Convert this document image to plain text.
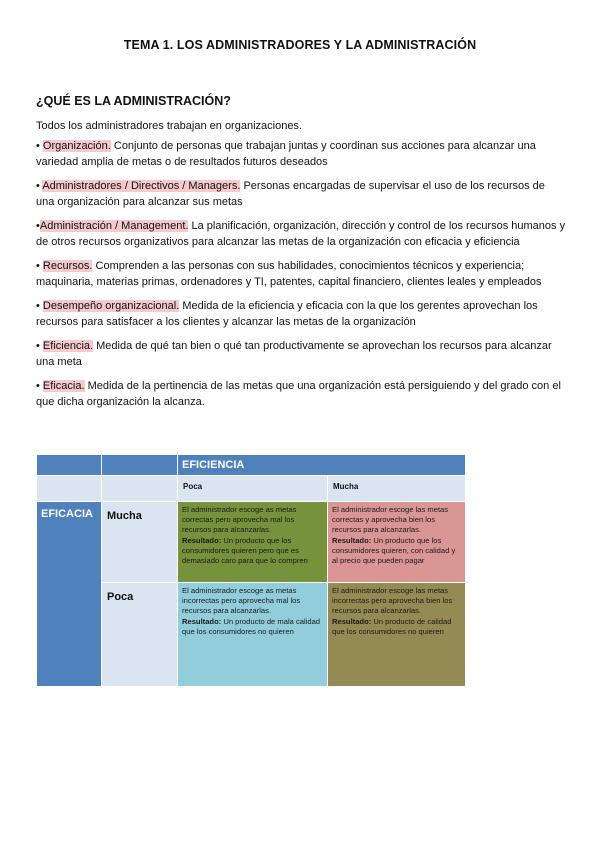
TEMA 1. LOS ADMINISTRADORES Y LA ADMINISTRACIÓN
¿QUÉ ES LA ADMINISTRACIÓN?
Todos los administradores trabajan en organizaciones.

• Organización. Conjunto de personas que trabajan juntas y coordinan sus acciones para alcanzar una variedad amplia de metas o de resultados futuros deseados

• Administradores / Directivos / Managers. Personas encargadas de supervisar el uso de los recursos de una organización para alcanzar sus metas

•Administración / Management. La planificación, organización, dirección y control de los recursos humanos y de otros recursos organizativos para alcanzar las metas de la organización con eficacia y eficiencia

• Recursos. Comprenden a las personas con sus habilidades, conocimientos técnicos y experiencia; maquinaria, materias primas, ordenadores y TI, patentes, capital financiero, clientes leales y empleados

• Desempeño organizacional. Medida de la eficiencia y eficacia con la que los gerentes aprovechan los recursos para satisfacer a los clientes y alcanzar las metas de la organización

• Eficiencia. Medida de qué tan bien o qué tan productivamente se aprovechan los recursos para alcanzar una meta

• Eficacia. Medida de la pertinencia de las metas que una organización está persiguiendo y del grado con el que dicha organización la alcanza.

EFICIENCIA
Poca	Mucha
EFICACIA	Mucha
Poca
El administrador escoge as metas correctas pero aprovecha mal los recursos para alcanzarlas.
Resultado: Un producto que los consumidores quieren pero que es demasiado caro para que lo compren
El administrador escoge las metas correctas y aprovecha bien los recursos para alcanzarlas.
Resultado: Un producto que los consumidores quieren, con calidad y al precio que pueden pagar
El administrador escoge as metas incorrectas pero aprovecha mal los recursos para alcanzarlas.
Resultado: Un producto de mala calidad que los consumidores no quieren
El administrador escoge las metas incorrectas pero aprovecha bien los recursos para alcanzarlas.
Resultado: Un producto de calidad que los consumidores no quieren
